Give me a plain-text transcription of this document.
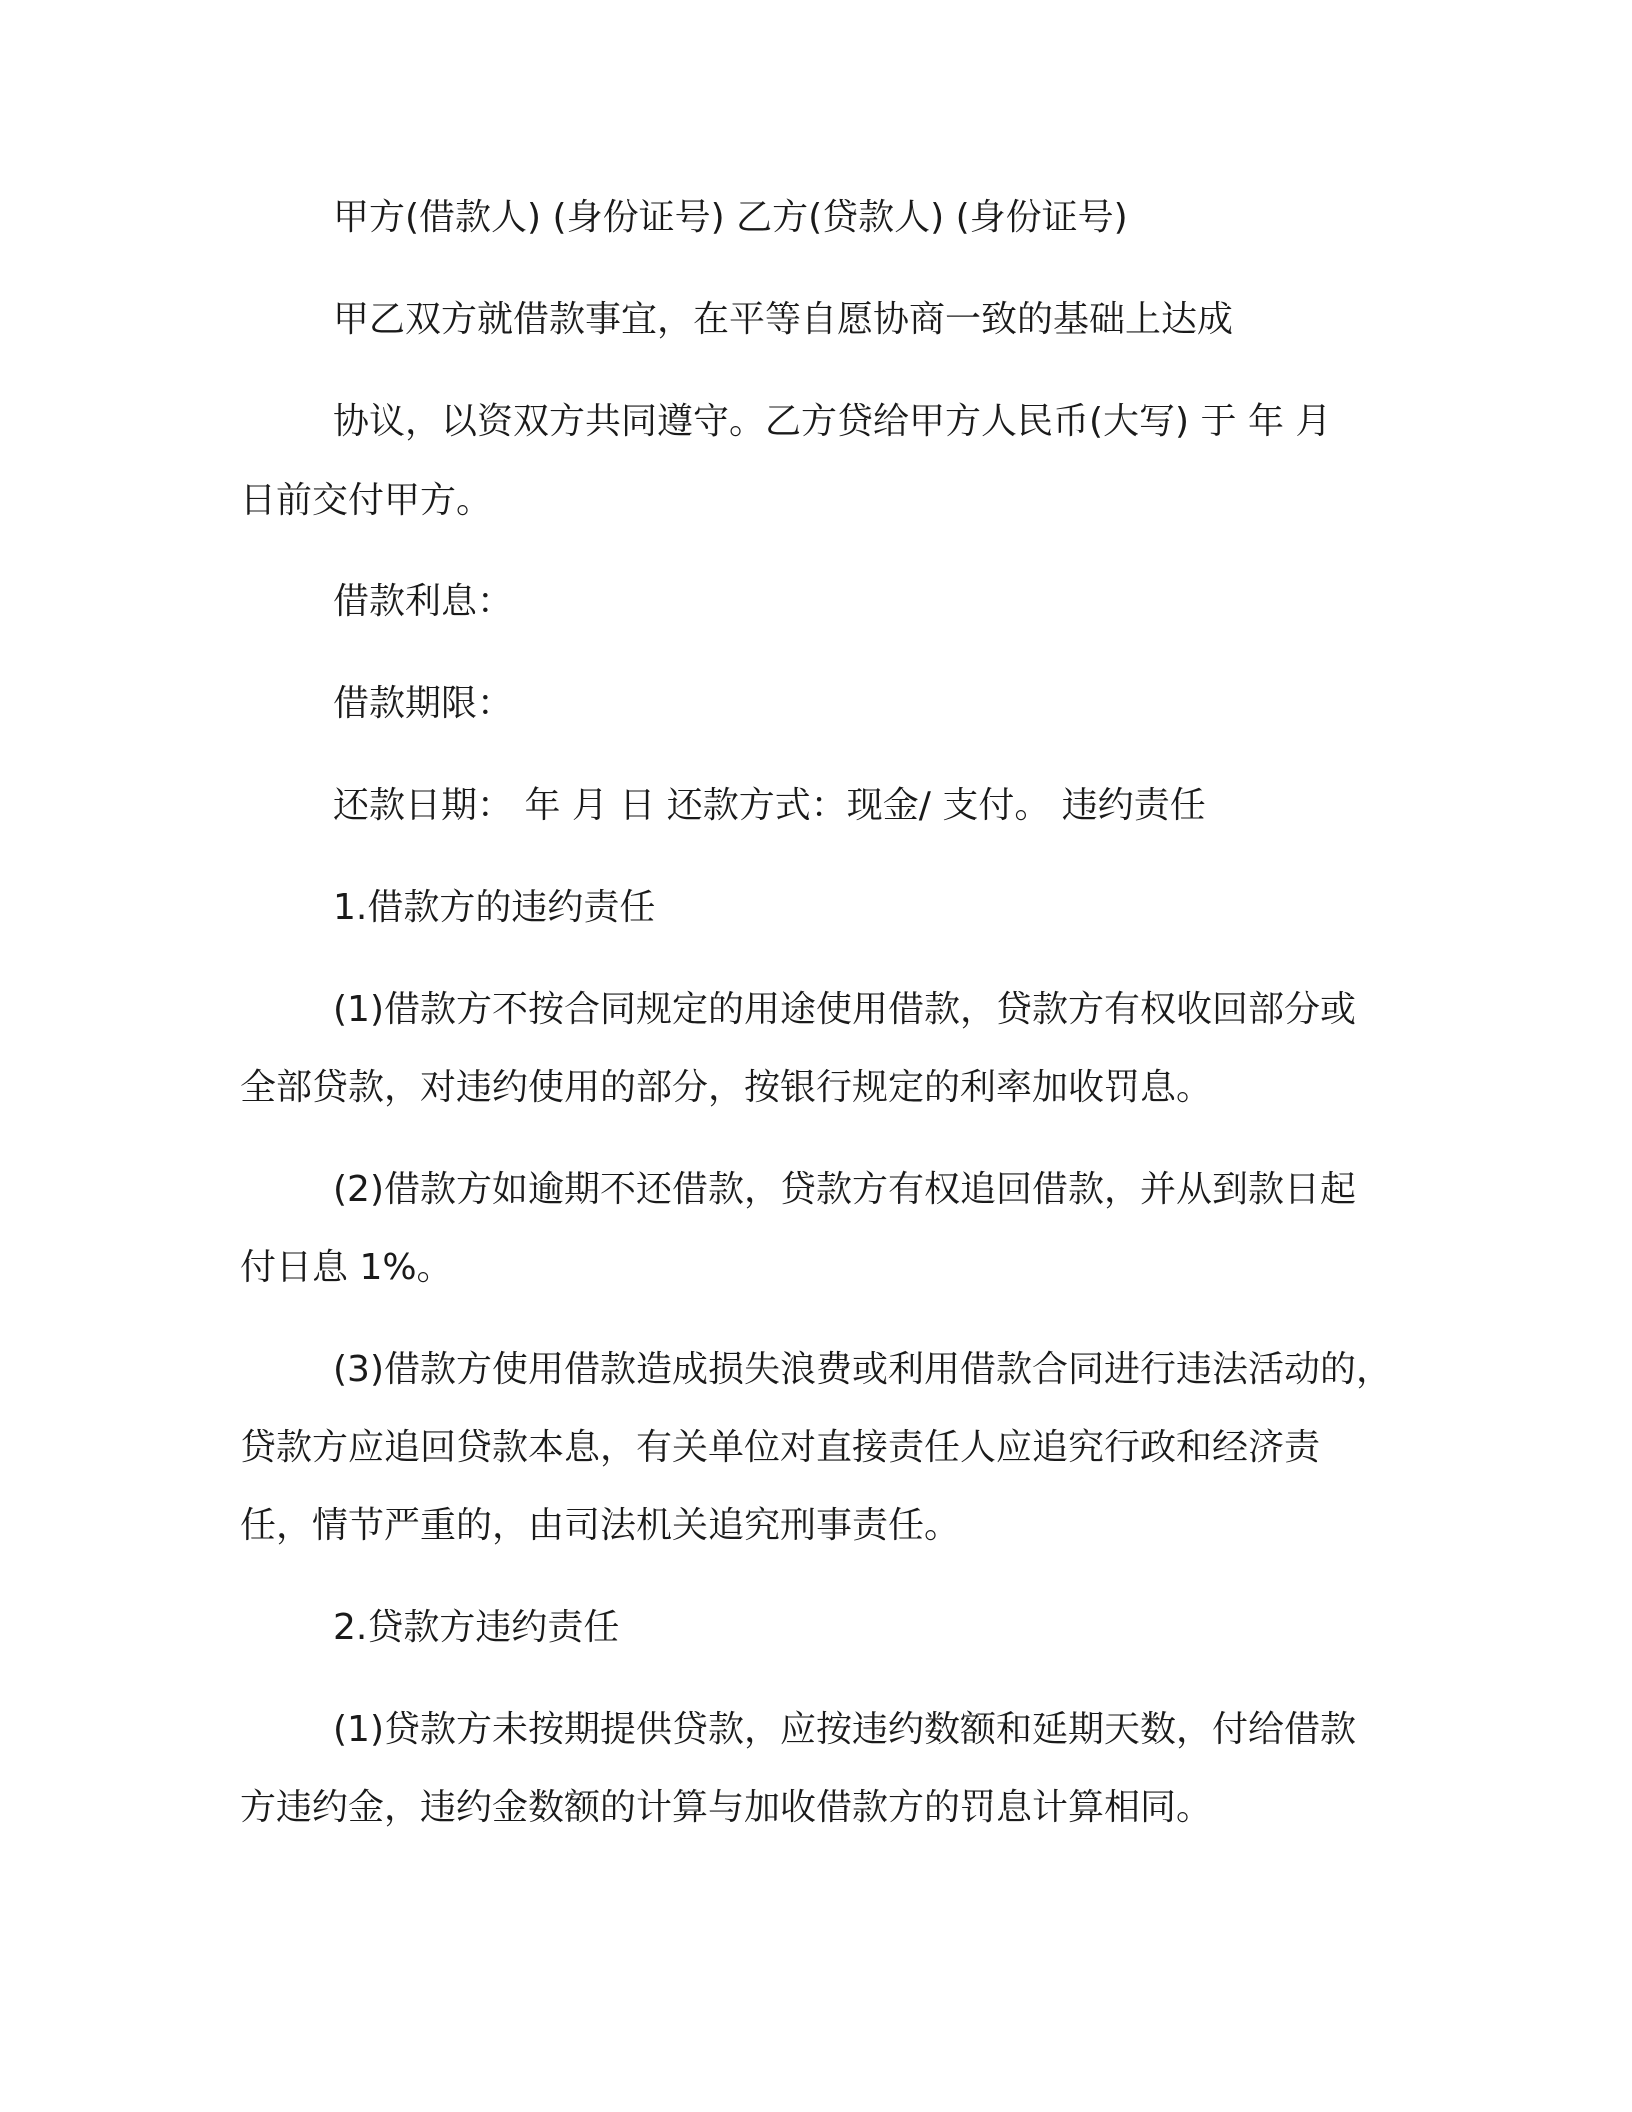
甲方(借款人) (身份证号) 乙方(贷款人) (身份证号)
甲乙双方就借款事宜，在平等自愿协商一致的基础上达成
协议，以资双方共同遵守。乙方贷给甲方人民币(大写) 于 年 月
日前交付甲方。
借款利息：
借款期限：
还款日期： 年 月 日 还款方式：现金/ 支付。 违约责任
1.借款方的违约责任
(1)借款方不按合同规定的用途使用借款，贷款方有权收回部分或
全部贷款，对违约使用的部分，按银行规定的利率加收罚息。
(2)借款方如逾期不还借款，贷款方有权追回借款，并从到款日起
付日息 1%。
(3)借款方使用借款造成损失浪费或利用借款合同进行违法活动的，
贷款方应追回贷款本息，有关单位对直接责任人应追究行政和经济责
任，情节严重的，由司法机关追究刑事责任。
2.贷款方违约责任
(1)贷款方未按期提供贷款，应按违约数额和延期天数，付给借款
方违约金，违约金数额的计算与加收借款方的罚息计算相同。
